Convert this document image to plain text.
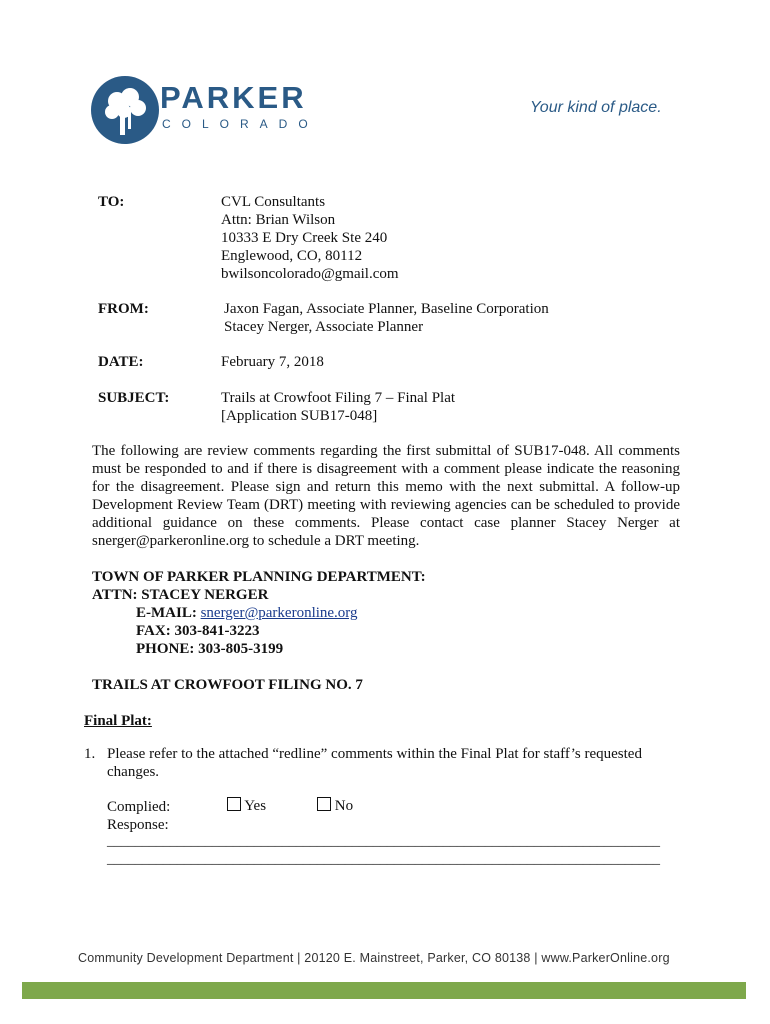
PARKER
COLORADO
Your kind of place.
TO:	CVL Consultants
Attn: Brian Wilson
10333 E Dry Creek Ste 240
Englewood, CO, 80112
bwilsoncolorado@gmail.com
FROM:	Jaxon Fagan, Associate Planner, Baseline Corporation
Stacey Nerger, Associate Planner
DATE:	February 7, 2018
SUBJECT:	Trails at Crowfoot Filing 7 – Final Plat
[Application SUB17-048]
The following are review comments regarding the first submittal of SUB17-048. All comments must be responded to and if there is disagreement with a comment please indicate the reasoning for the disagreement. Please sign and return this memo with the next submittal. A follow-up Development Review Team (DRT) meeting with reviewing agencies can be scheduled to provide additional guidance on these comments. Please contact case planner Stacey Nerger at snerger@parkeronline.org to schedule a DRT meeting.
TOWN OF PARKER PLANNING DEPARTMENT:
ATTN: STACEY NERGER
E-MAIL: snerger@parkeronline.org
FAX: 303-841-3223
PHONE: 303-805-3199
TRAILS AT CROWFOOT FILING NO. 7
Final Plat:
1. Please refer to the attached “redline” comments within the Final Plat for staff’s requested
changes.
Complied:	Yes	No
Response:
_______________________________________________________________________________
_______________________________________________________________________________
Community Development Department | 20120 E. Mainstreet, Parker, CO 80138 | www.ParkerOnline.org
